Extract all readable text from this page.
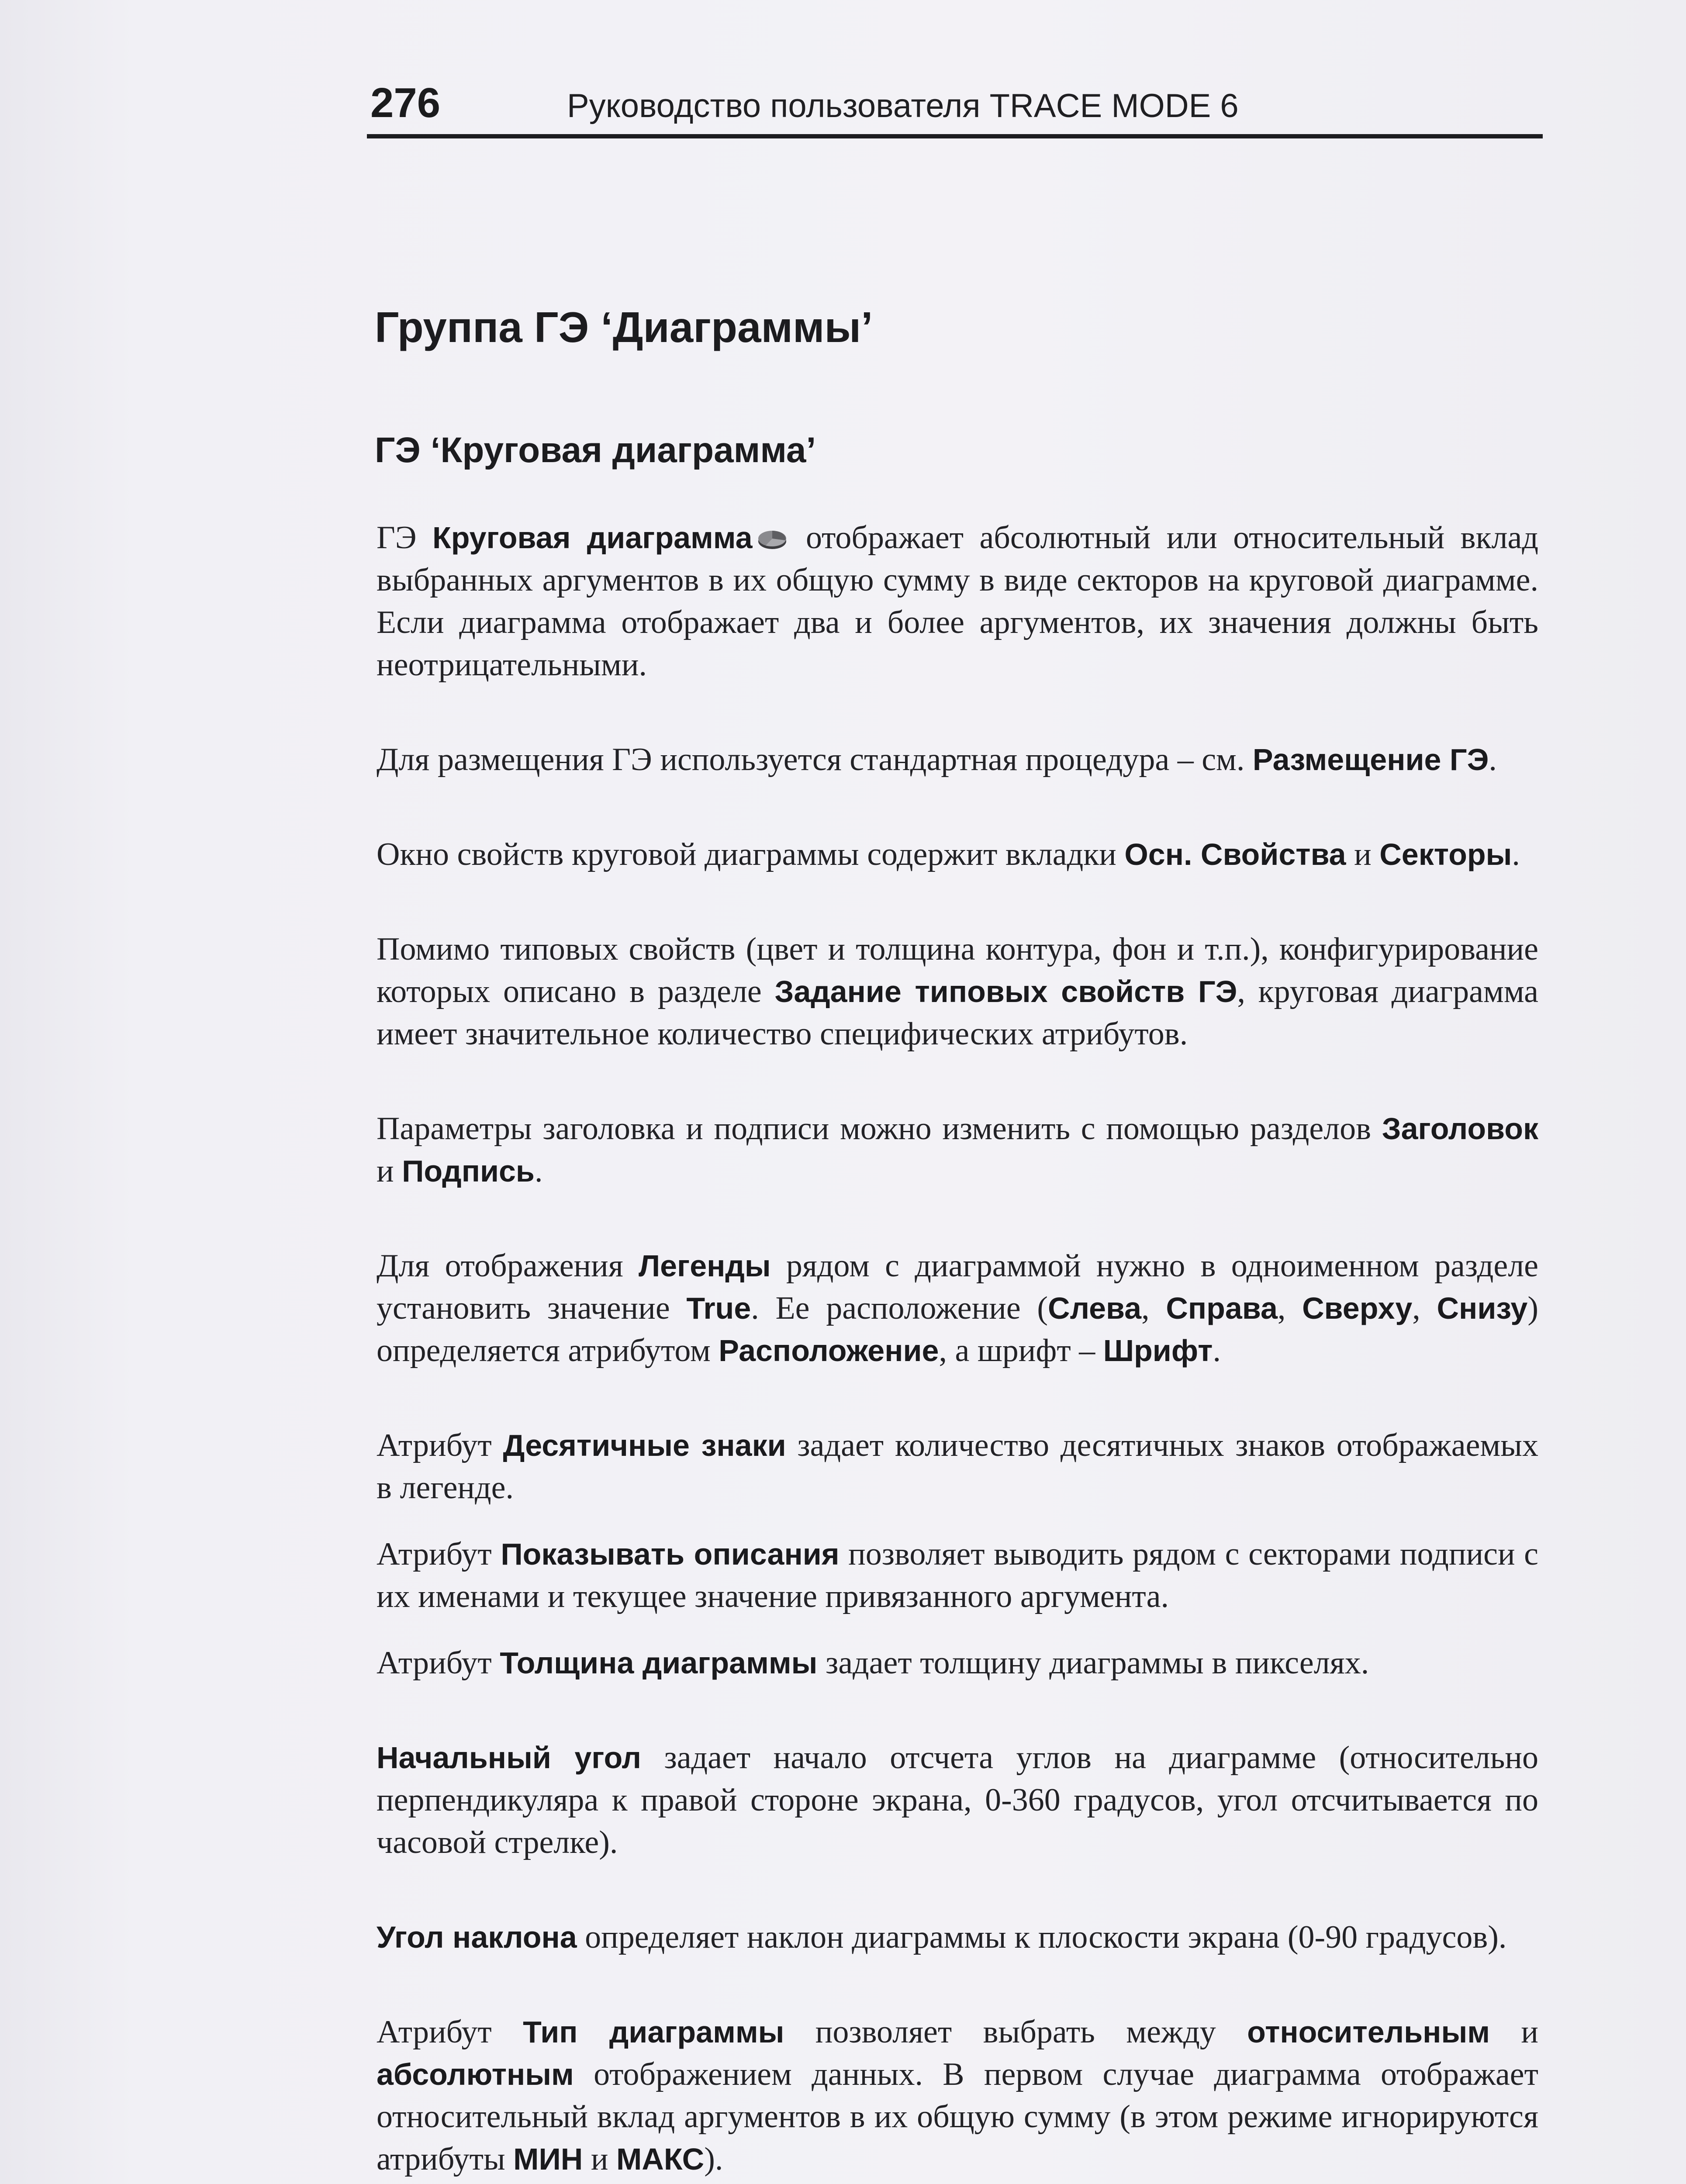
276	Руководство пользователя TRACE MODE 6
Группа ГЭ ‘Диаграммы’
ГЭ ‘Круговая диаграмма’

ГЭ Круговая диаграмма
отображает абсолютный или относительный вклад выбранных аргументов в их общую сумму в виде секторов на круговой диаграмме. Если диаграмма отображает два и более аргументов, их значения должны быть неотрицательными.

Для размещения ГЭ используется стандартная процедура – см. Размещение ГЭ.

Окно свойств круговой диаграммы содержит вкладки Осн. Свойства и Секторы.

Помимо типовых свойств (цвет и толщина контура, фон и т.п.), конфигурирование которых описано в разделе Задание типовых свойств ГЭ, круговая диаграмма имеет значительное количество специфических атрибутов.

Параметры заголовка и подписи можно изменить с помощью разделов Заголовок и Подпись.

Для отображения Легенды рядом с диаграммой нужно в одноименном разделе установить значение True. Ее расположение (Слева, Справа, Сверху, Снизу) определяется атрибутом Расположение, а шрифт – Шрифт.

Атрибут Десятичные знаки задает количество десятичных знаков отображаемых в легенде.

Атрибут Показывать описания позволяет выводить рядом с секторами подписи с их именами и текущее значение привязанного аргумента.

Атрибут Толщина диаграммы задает толщину диаграммы в пикселях.

Начальный угол задает начало отсчета углов на диаграмме (относительно перпендикуляра к правой стороне экрана, 0-360 градусов, угол отсчитывается по часовой стрелке).

Угол наклона определяет наклон диаграммы к плоскости экрана (0-90 градусов).

Атрибут Тип диаграммы позволяет выбрать между относительным и абсолютным отображением данных. В первом случае диаграмма отображает относительный вклад аргументов в их общую сумму (в этом режиме игнорируются атрибуты МИН и МАКС).
